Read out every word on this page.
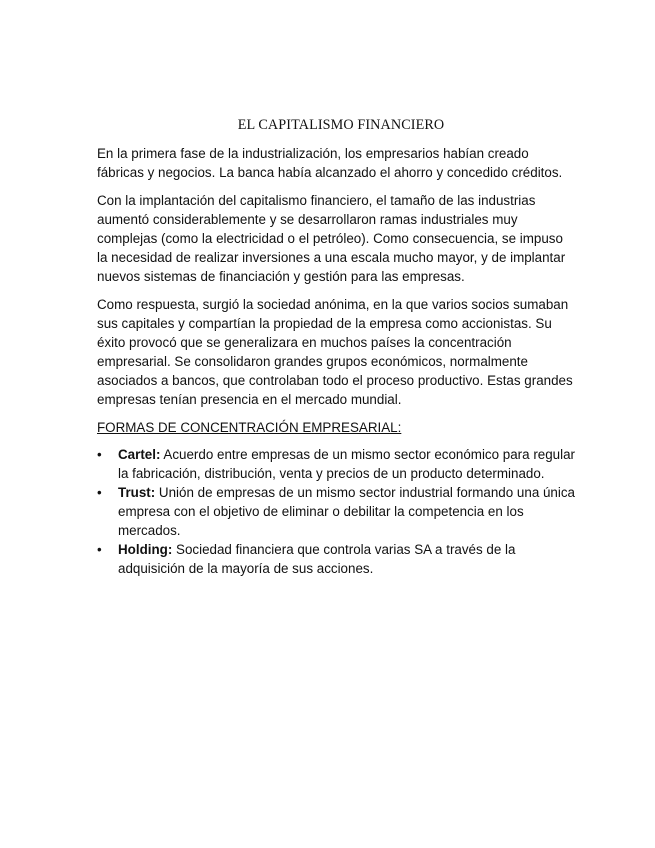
EL CAPITALISMO FINANCIERO

En la primera fase de la industrialización, los empresarios habían creado fábricas y negocios. La banca había alcanzado el ahorro y concedido créditos.

Con la implantación del capitalismo financiero, el tamaño de las industrias aumentó considerablemente y se desarrollaron ramas industriales muy complejas (como la electricidad o el petróleo). Como consecuencia, se impuso la necesidad de realizar inversiones a una escala mucho mayor, y de implantar nuevos sistemas de financiación y gestión para las empresas.

Como respuesta, surgió la sociedad anónima, en la que varios socios sumaban sus capitales y compartían la propiedad de la empresa como accionistas. Su éxito provocó que se generalizara en muchos países la concentración empresarial. Se consolidaron grandes grupos económicos, normalmente asociados a bancos, que controlaban todo el proceso productivo. Estas grandes empresas tenían presencia en el mercado mundial.

FORMAS DE CONCENTRACIÓN EMPRESARIAL:
•	Cartel: Acuerdo entre empresas de un mismo sector económico para regular la fabricación, distribución, venta y precios de un producto determinado.
•	Trust: Unión de empresas de un mismo sector industrial formando una única empresa con el objetivo de eliminar o debilitar la competencia en los mercados.
•	Holding: Sociedad financiera que controla varias SA a través de la adquisición de la mayoría de sus acciones.
